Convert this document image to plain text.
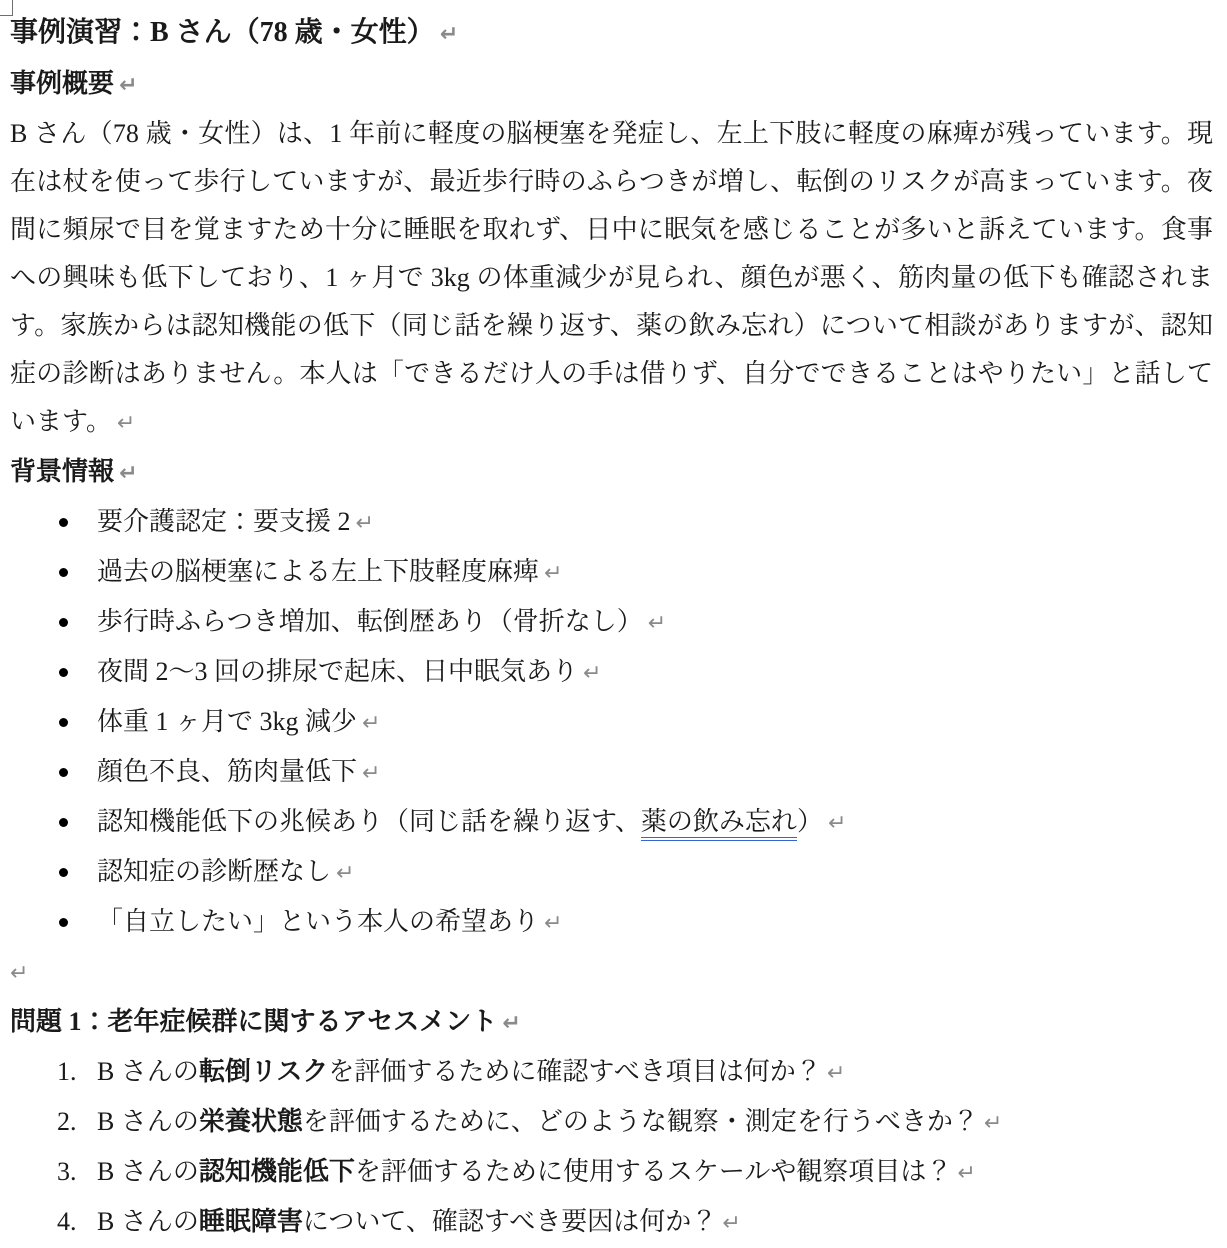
事例演習：B さん（78 歳・女性） ↵
事例概要 ↵

B さん（78 歳・女性）は、1 年前に軽度の脳梗塞を発症し、左上下肢に軽度の麻痺が残っています。現在は杖を使って歩行していますが、最近歩行時のふらつきが増し、転倒のリスクが高まっています。夜間に頻尿で目を覚ますため十分に睡眠を取れず、日中に眠気を感じることが多いと訴えています。食事への興味も低下しており、1 ヶ月で 3kg の体重減少が見られ、顔色が悪く、筋肉量の低下も確認されます。家族からは認知機能の低下（同じ話を繰り返す、薬の飲み忘れ）について相談がありますが、認知症の診断はありません。本人は「できるだけ人の手は借りず、自分でできることはやりたい」と話しています。 ↵

背景情報 ↵
要介護認定：要支援 2 ↵
過去の脳梗塞による左上下肢軽度麻痺 ↵
歩行時ふらつき増加、転倒歴あり（骨折なし） ↵
夜間 2～3 回の排尿で起床、日中眠気あり ↵
体重 1 ヶ月で 3kg 減少 ↵
顔色不良、筋肉量低下 ↵
認知機能低下の兆候あり（同じ話を繰り返す、薬の飲み忘れ） ↵
認知症の診断歴なし ↵
「自立したい」という本人の希望あり ↵
↵
問題 1：老年症候群に関するアセスメント ↵
1. B さんの転倒リスクを評価するために確認すべき項目は何か？ ↵
2. B さんの栄養状態を評価するために、どのような観察・測定を行うべきか？ ↵
3. B さんの認知機能低下を評価するために使用するスケールや観察項目は？ ↵
4. B さんの睡眠障害について、確認すべき要因は何か？ ↵
